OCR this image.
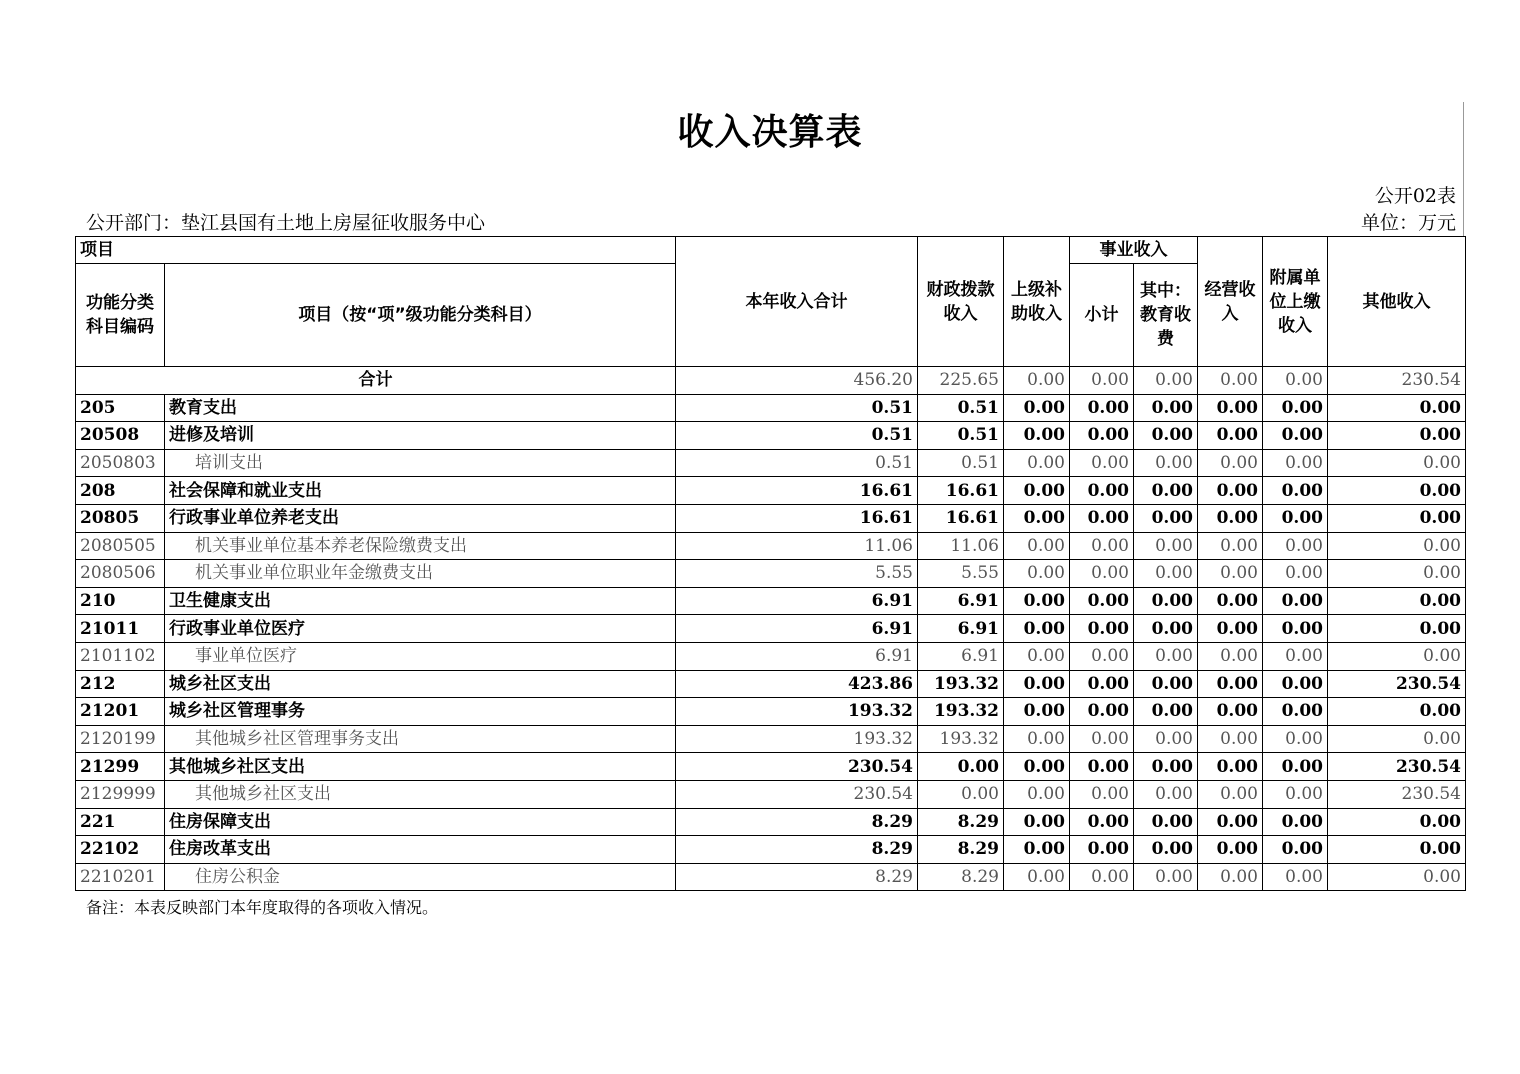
收入决算表
公开02表
公开部门：垫江县国有土地上房屋征收服务中心	单位：万元
项目		本年收入合计	财政拨款收入	上级补助收入	事业收入		经营收入	附属单位上缴收入	其他收入
功能分类科目编码	项目（按“项”级功能分类科目）				小计	其中：教育收费			
合计		456.20	225.65	0.00	0.00	0.00	0.00	0.00	230.54
205	教育支出	0.51	0.51	0.00	0.00	0.00	0.00	0.00	0.00
20508	进修及培训	0.51	0.51	0.00	0.00	0.00	0.00	0.00	0.00
2050803	培训支出	0.51	0.51	0.00	0.00	0.00	0.00	0.00	0.00
208	社会保障和就业支出	16.61	16.61	0.00	0.00	0.00	0.00	0.00	0.00
20805	行政事业单位养老支出	16.61	16.61	0.00	0.00	0.00	0.00	0.00	0.00
2080505	机关事业单位基本养老保险缴费支出	11.06	11.06	0.00	0.00	0.00	0.00	0.00	0.00
2080506	机关事业单位职业年金缴费支出	5.55	5.55	0.00	0.00	0.00	0.00	0.00	0.00
210	卫生健康支出	6.91	6.91	0.00	0.00	0.00	0.00	0.00	0.00
21011	行政事业单位医疗	6.91	6.91	0.00	0.00	0.00	0.00	0.00	0.00
2101102	事业单位医疗	6.91	6.91	0.00	0.00	0.00	0.00	0.00	0.00
212	城乡社区支出	423.86	193.32	0.00	0.00	0.00	0.00	0.00	230.54
21201	城乡社区管理事务	193.32	193.32	0.00	0.00	0.00	0.00	0.00	0.00
2120199	其他城乡社区管理事务支出	193.32	193.32	0.00	0.00	0.00	0.00	0.00	0.00
21299	其他城乡社区支出	230.54	0.00	0.00	0.00	0.00	0.00	0.00	230.54
2129999	其他城乡社区支出	230.54	0.00	0.00	0.00	0.00	0.00	0.00	230.54
221	住房保障支出	8.29	8.29	0.00	0.00	0.00	0.00	0.00	0.00
22102	住房改革支出	8.29	8.29	0.00	0.00	0.00	0.00	0.00	0.00
2210201	住房公积金	8.29	8.29	0.00	0.00	0.00	0.00	0.00	0.00
备注：本表反映部门本年度取得的各项收入情况。
